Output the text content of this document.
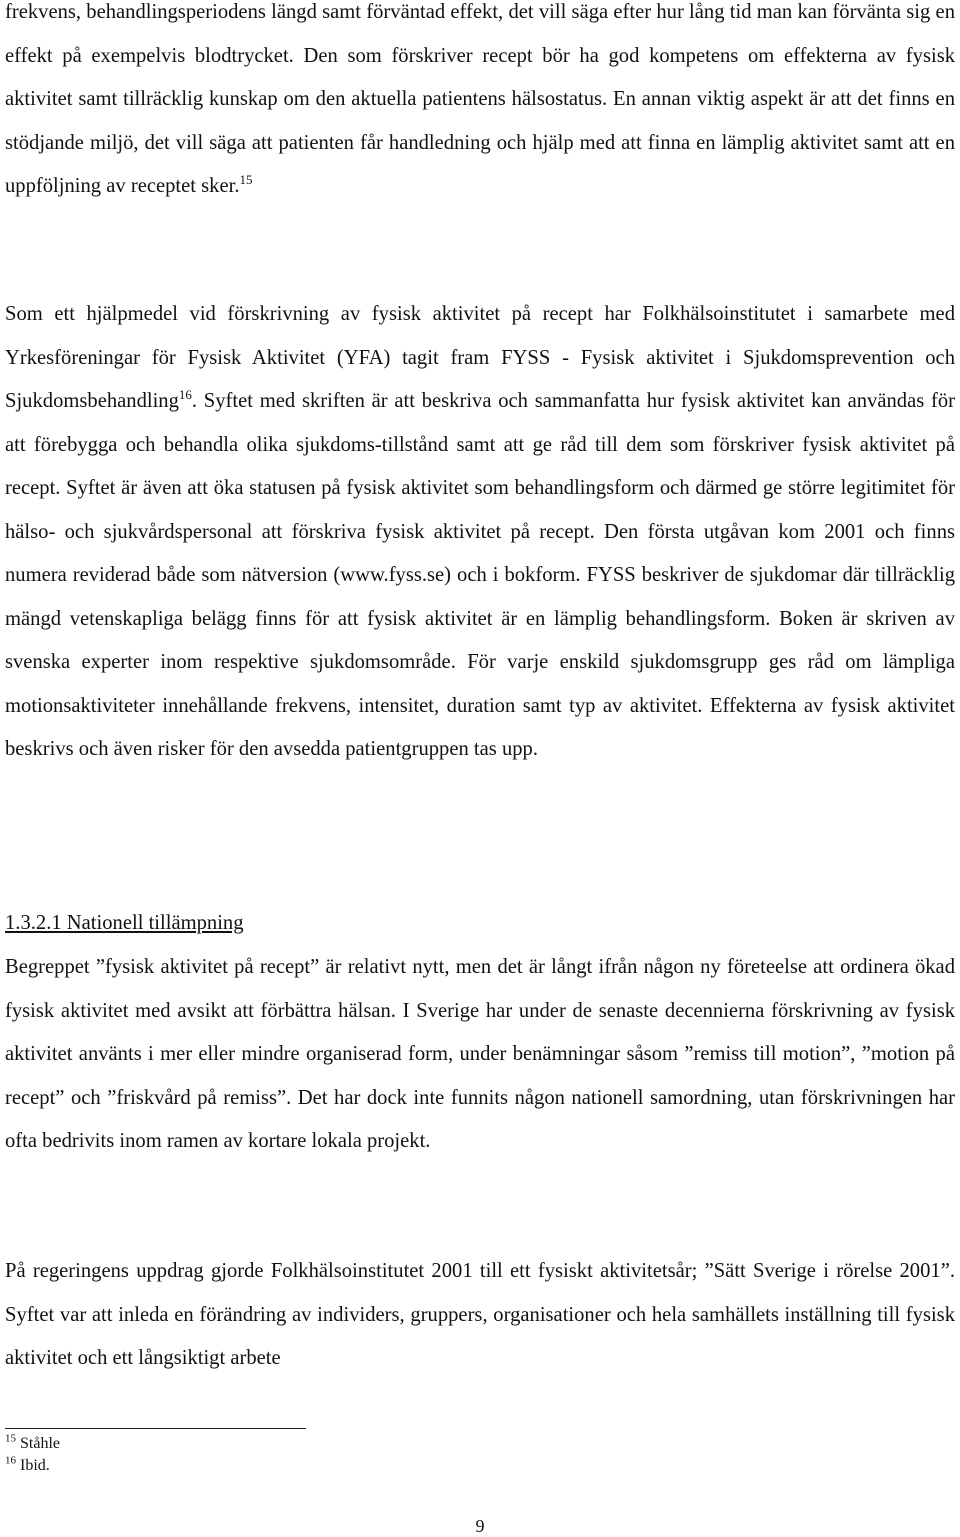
frekvens, behandlingsperiodens längd samt förväntad effekt, det vill säga efter hur lång tid man kan förvänta sig en effekt på exempelvis blodtrycket. Den som förskriver recept bör ha god kompetens om effekterna av fysisk aktivitet samt tillräcklig kunskap om den aktuella patientens hälsostatus. En annan viktig aspekt är att det finns en stödjande miljö, det vill säga att patienten får handledning och hjälp med att finna en lämplig aktivitet samt att en uppföljning av receptet sker.$^{15}$

Som ett hjälpmedel vid förskrivning av fysisk aktivitet på recept har Folkhälsoinstitutet i samarbete med Yrkesföreningar för Fysisk Aktivitet (YFA) tagit fram FYSS - Fysisk aktivitet i Sjukdomsprevention och Sjukdomsbehandling$^{16}$. Syftet med skriften är att beskriva och sammanfatta hur fysisk aktivitet kan användas för att förebygga och behandla olika sjukdoms-tillstånd samt att ge råd till dem som förskriver fysisk aktivitet på recept. Syftet är även att öka statusen på fysisk aktivitet som behandlingsform och därmed ge större legitimitet för hälso- och sjukvårdspersonal att förskriva fysisk aktivitet på recept. Den första utgåvan kom 2001 och finns numera reviderad både som nätversion (www.fyss.se) och i bokform. FYSS beskriver de sjukdomar där tillräcklig mängd vetenskapliga belägg finns för att fysisk aktivitet är en lämplig behandlingsform. Boken är skriven av svenska experter inom respektive sjukdomsområde. För varje enskild sjukdomsgrupp ges råd om lämpliga motionsaktiviteter innehållande frekvens, intensitet, duration samt typ av aktivitet. Effekterna av fysisk aktivitet beskrivs och även risker för den avsedda patientgruppen tas upp.

1.3.2.1 Nationell tillämpning

Begreppet ”fysisk aktivitet på recept” är relativt nytt, men det är långt ifrån någon ny företeelse att ordinera ökad fysisk aktivitet med avsikt att förbättra hälsan. I Sverige har under de senaste decennierna förskrivning av fysisk aktivitet använts i mer eller mindre organiserad form, under benämningar såsom ”remiss till motion”, ”motion på recept” och ”friskvård på remiss”. Det har dock inte funnits någon nationell samordning, utan förskrivningen har ofta bedrivits inom ramen av kortare lokala projekt.

På regeringens uppdrag gjorde Folkhälsoinstitutet 2001 till ett fysiskt aktivitetsår; ”Sätt Sverige i rörelse 2001”. Syftet var att inleda en förändring av individers, gruppers, organisationer och hela samhällets inställning till fysisk aktivitet och ett långsiktigt arbete

$^{15}$ Ståhle
$^{16}$ Ibid.
9
